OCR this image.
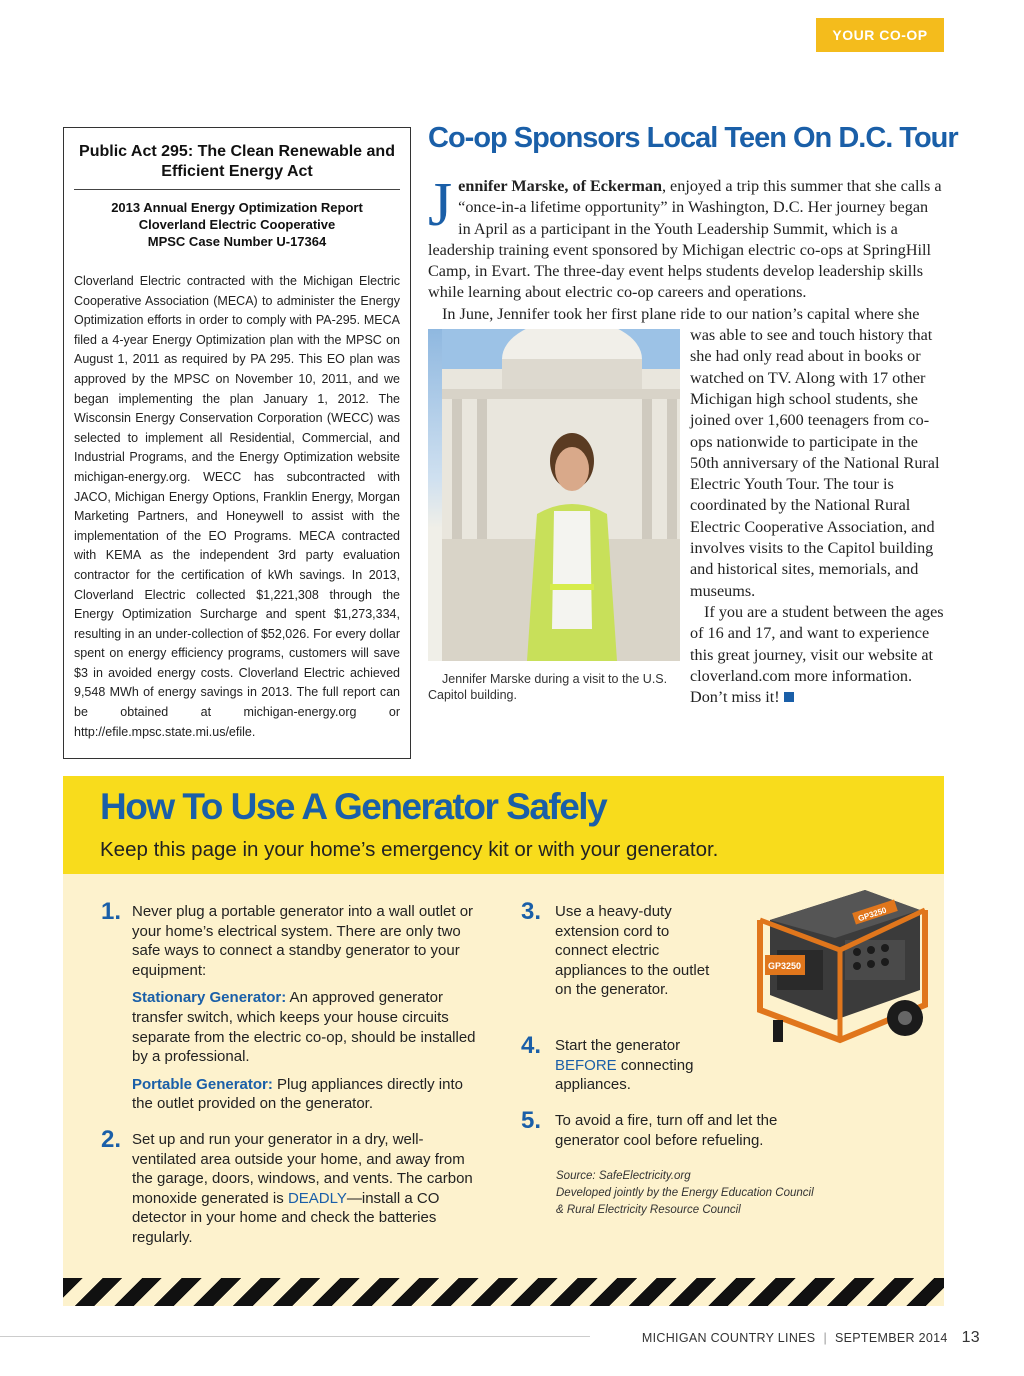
YOUR CO-OP
Public Act 295: The Clean Renewable and Efficient Energy Act
2013 Annual Energy Optimization Report
Cloverland Electric Cooperative
MPSC Case Number U-17364
Cloverland Electric contracted with the Michigan Electric Cooperative Association (MECA) to administer the Energy Optimization efforts in order to comply with PA-295. MECA filed a 4-year Energy Optimization plan with the MPSC on August 1, 2011 as required by PA 295. This EO plan was approved by the MPSC on November 10, 2011, and we began implementing the plan January 1, 2012. The Wisconsin Energy Conservation Corporation (WECC) was selected to implement all Residential, Commercial, and Industrial Programs, and the Energy Optimization website michigan-energy.org. WECC has subcontracted with JACO, Michigan Energy Options, Franklin Energy, Morgan Marketing Partners, and Honeywell to assist with the implementation of the EO Programs. MECA contracted with KEMA as the independent 3rd party evaluation contractor for the certification of kWh savings. In 2013, Cloverland Electric collected $1,221,308 through the Energy Optimization Surcharge and spent $1,273,334, resulting in an under-collection of $52,026. For every dollar spent on energy efficiency programs, customers will save $3 in avoided energy costs. Cloverland Electric achieved 9,548 MWh of energy savings in 2013. The full report can be obtained at michigan-energy.org or http://efile.mpsc.state.mi.us/efile.
Co-op Sponsors Local Teen On D.C. Tour

Jennifer Marske, of Eckerman, enjoyed a trip this summer that she calls a “once-in-a lifetime opportunity” in Washington, D.C. Her journey began in April as a participant in the Youth Leadership Summit, which is a leadership training event sponsored by Michigan electric co-ops at SpringHill Camp, in Evart. The three-day event helps students develop leadership skills while learning about electric co-op careers and operations.

In June, Jennifer took her first plane ride to our nation’s capital where she was able to see and touch history
Jennifer Marske during a visit to the U.S. Capitol building.
that she had only read about in books or watched on TV. Along with 17 other Michigan high school students, she joined over 1,600 teenagers from co-ops nationwide to participate in the 50th anniversary of the National Rural Electric Youth Tour. The tour is coordinated by the National Rural Electric Cooperative Association, and involves visits to the Capitol building and historical sites, memorials, and museums.

If you are a student between the ages of 16 and 17, and want to experience this great journey, visit our website at cloverland.com more information. Don’t miss it!

How To Use A Generator Safely
Keep this page in your home’s emergency kit or with your generator.
1. Never plug a portable generator into a wall outlet or your home’s electrical system. There are only two safe ways to connect a standby generator to your equipment:
Stationary Generator: An approved generator transfer switch, which keeps your house circuits separate from the electric co-op, should be installed by a professional.
Portable Generator: Plug appliances directly into the outlet provided on the generator.
2. Set up and run your generator in a dry, well-ventilated area outside your home, and away from the garage, doors, windows, and vents. The carbon monoxide generated is DEADLY—install a CO detector in your home and check the batteries regularly.
3. Use a heavy-duty extension cord to connect electric appliances to the outlet on the generator.
4. Start the generator BEFORE connecting appliances.
5. To avoid a fire, turn off and let the generator cool before refueling.
Source: SafeElectricity.org
Developed jointly by the Energy Education Council
& Rural Electricity Resource Council
GP3250
GP3250
MICHIGAN COUNTRY LINES | SEPTEMBER 2014 13
